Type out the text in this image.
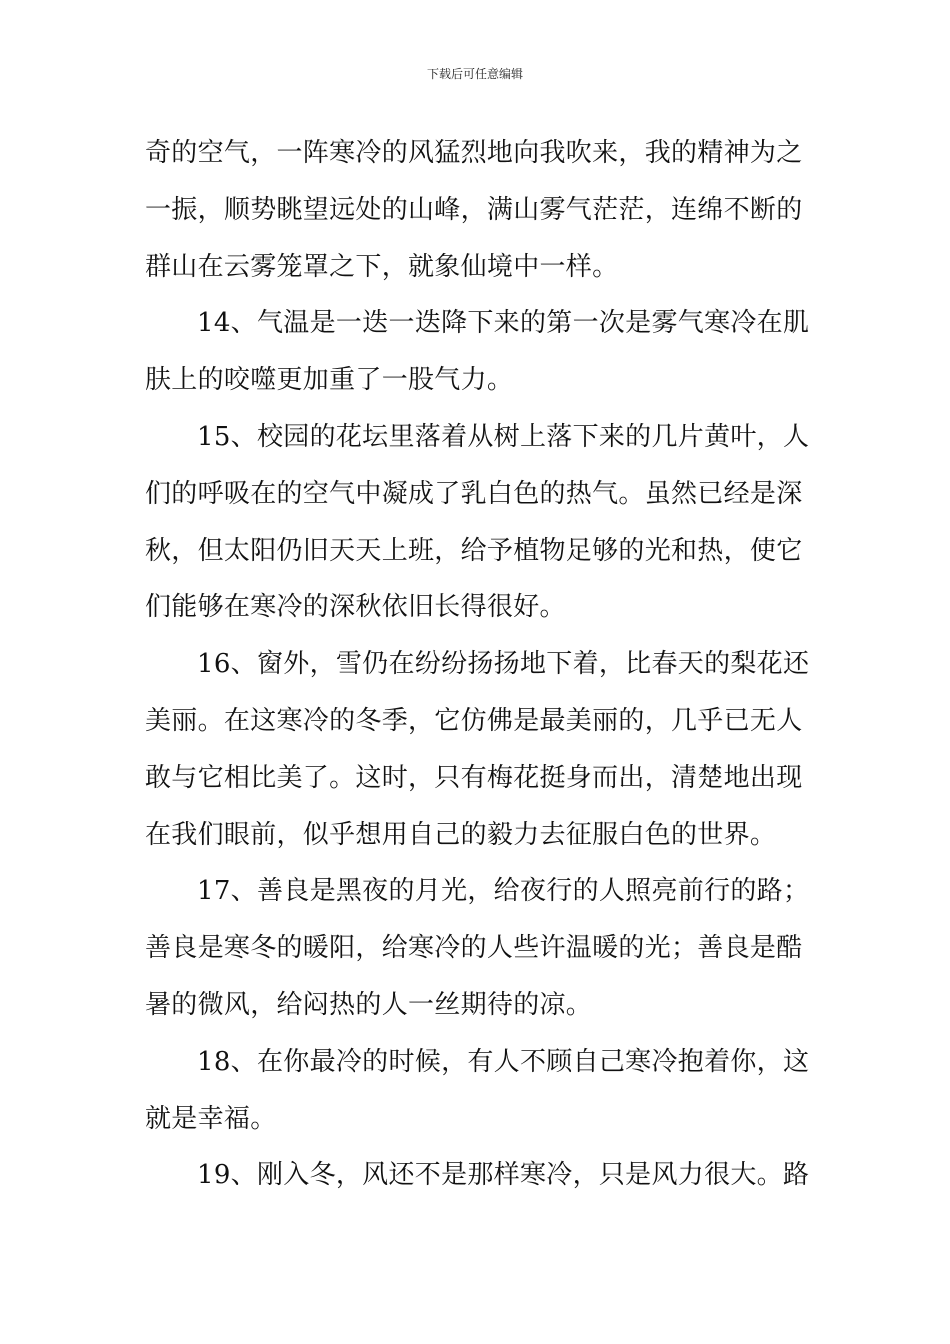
下载后可任意编辑
奇的空气，一阵寒冷的风猛烈地向我吹来，我的精神为之
一振，顺势眺望远处的山峰，满山雾气茫茫，连绵不断的
群山在云雾笼罩之下，就象仙境中一样。
14、气温是一迭一迭降下来的第一次是雾气寒冷在肌
肤上的咬噬更加重了一股气力。
15、校园的花坛里落着从树上落下来的几片黄叶，人
们的呼吸在的空气中凝成了乳白色的热气。虽然已经是深
秋，但太阳仍旧天天上班，给予植物足够的光和热，使它
们能够在寒冷的深秋依旧长得很好。
16、窗外，雪仍在纷纷扬扬地下着，比春天的梨花还
美丽。在这寒冷的冬季，它仿佛是最美丽的，几乎已无人
敢与它相比美了。这时，只有梅花挺身而出，清楚地出现
在我们眼前，似乎想用自己的毅力去征服白色的世界。
17、善良是黑夜的月光，给夜行的人照亮前行的路；
善良是寒冬的暖阳，给寒冷的人些许温暖的光；善良是酷
暑的微风，给闷热的人一丝期待的凉。
18、在你最冷的时候，有人不顾自己寒冷抱着你，这
就是幸福。
19、刚入冬，风还不是那样寒冷，只是风力很大。路
